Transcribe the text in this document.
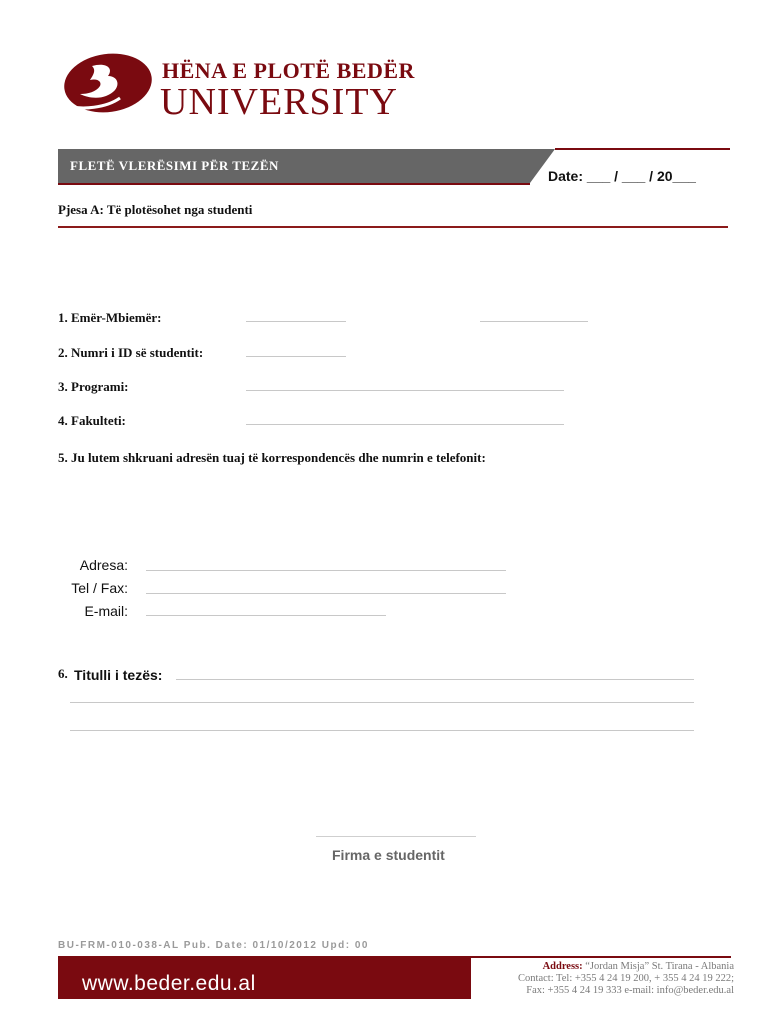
HËNA E PLOTË BEDËR
UNIVERSITY
FLETË VLERËSIMI PËR TEZËN
Date: ___ / ___ / 20___
Pjesa A: Të plotësohet nga studenti
1. Emër-Mbiemër:
2. Numri i ID së studentit:
3. Programi:
4. Fakulteti:
5. Ju lutem shkruani adresën tuaj të korrespondencës dhe numrin e telefonit:
Adresa:
Tel / Fax:
E-mail:
6. Titulli i tezës:
Firma e studentit
BU-FRM-010-038-AL Pub. Date: 01/10/2012 Upd: 00
www.beder.edu.al
Address: “Jordan Misja” St. Tirana - Albania
Contact: Tel: +355 4 24 19 200, + 355 4 24 19 222;
Fax: +355 4 24 19 333 e-mail: info@beder.edu.al
